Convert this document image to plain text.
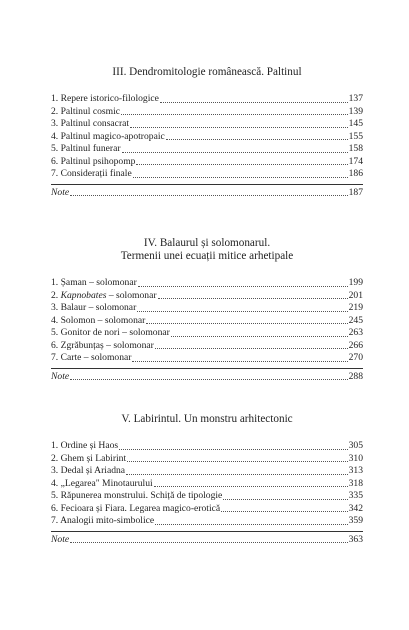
III. Dendromitologie românească. Paltinul
1. Repere istorico-filologice	137
2. Paltinul cosmic	139
3. Paltinul consacrat	145
4. Paltinul magico-apotropaic	155
5. Paltinul funerar	158
6. Paltinul psihopomp	174
7. Considerații finale	186
Note	187
IV. Balaurul și solomonarul.
Termenii unei ecuații mitice arhetipale
1. Șaman – solomonar	199
2. Kapnobates – solomonar	201
3. Balaur – solomonar	219
4. Solomon – solomonar	245
5. Gonitor de nori – solomonar	263
6. Zgrăbunțaș – solomonar	266
7. Carte – solomonar	270
Note	288
V. Labirintul. Un monstru arhitectonic
1. Ordine și Haos	305
2. Ghem și Labirint	310
3. Dedal și Ariadna	313
4. „Legarea" Minotaurului	318
5. Răpunerea monstrului. Schiță de tipologie	335
6. Fecioara și Fiara. Legarea magico-erotică	342
7. Analogii mito-simbolice	359
Note	363
